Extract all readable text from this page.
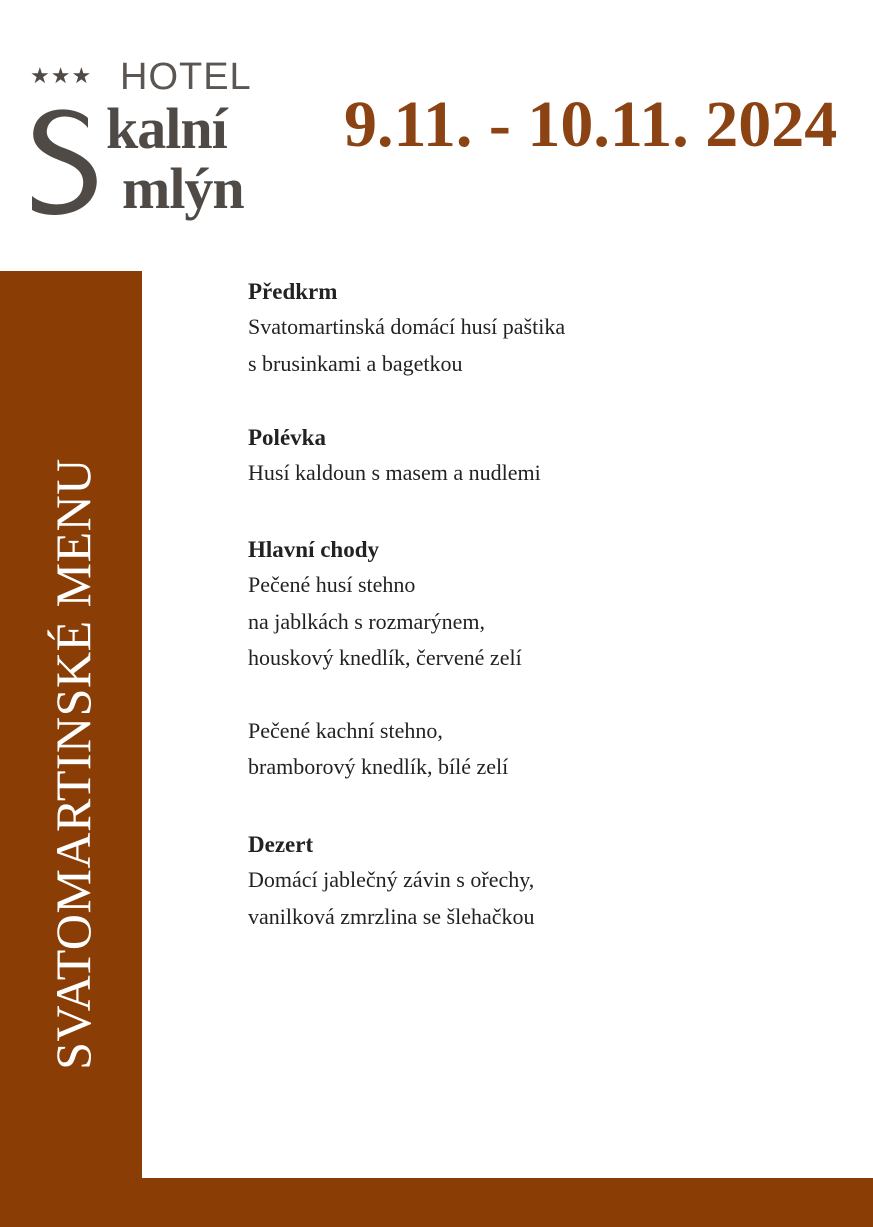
★★★ HOTEL
kalní
mlýn
9.11. - 10.11. 2024
SVATOMARTINSKÉ MENU
Předkrm

Svatomartinská domácí husí paštika

s brusinkami a bagetkou

Polévka

Husí kaldoun s masem a nudlemi

Hlavní chody

Pečené husí stehno

na jablkách s rozmarýnem,

houskový knedlík, červené zelí

Pečené kachní stehno,

bramborový knedlík, bílé zelí

Dezert

Domácí jablečný závin s ořechy,

vanilková zmrzlina se šlehačkou
